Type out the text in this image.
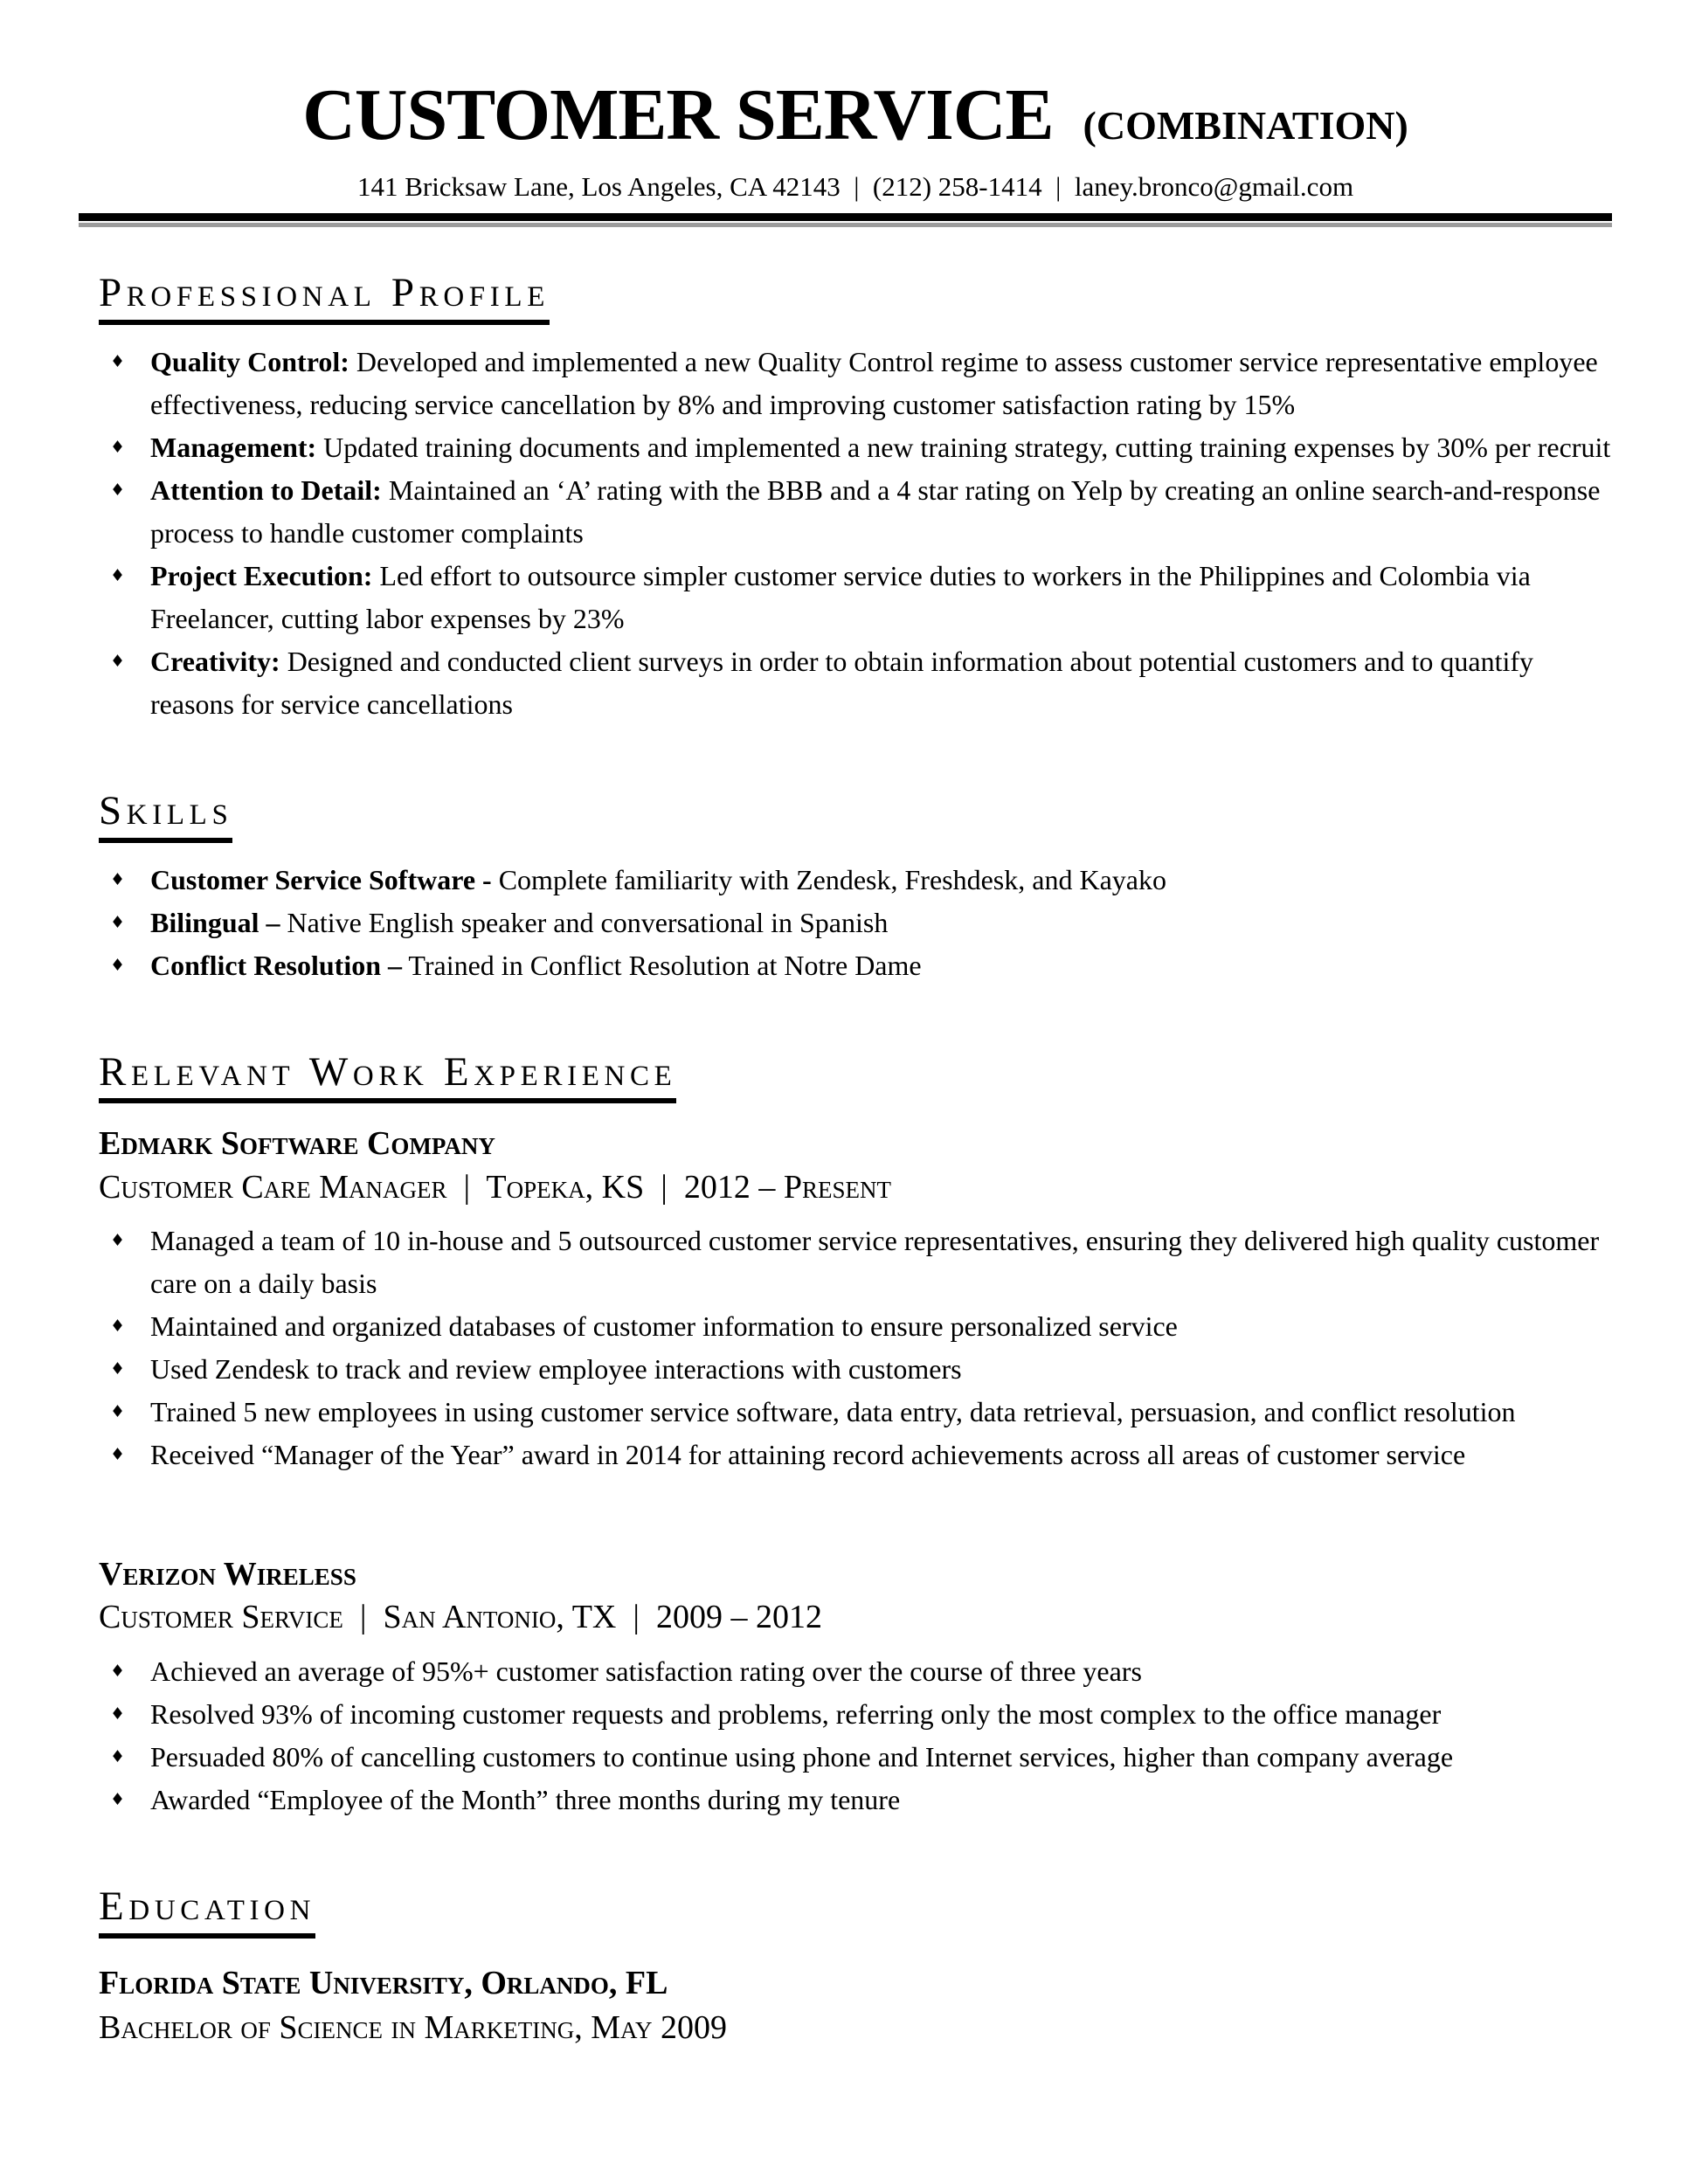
CUSTOMER SERVICE (COMBINATION)

141 Bricksaw Lane, Los Angeles, CA 42143  |  (212) 258-1414  |  laney.bronco@gmail.com

Professional Profile
♦ Quality Control: Developed and implemented a new Quality Control regime to assess customer service representative employee effectiveness, reducing service cancellation by 8% and improving customer satisfaction rating by 15%
♦ Management: Updated training documents and implemented a new training strategy, cutting training expenses by 30% per recruit
♦ Attention to Detail: Maintained an ‘A’ rating with the BBB and a 4 star rating on Yelp by creating an online search-and-response process to handle customer complaints
♦ Project Execution: Led effort to outsource simpler customer service duties to workers in the Philippines and Colombia via Freelancer, cutting labor expenses by 23%
♦ Creativity: Designed and conducted client surveys in order to obtain information about potential customers and to quantify reasons for service cancellations
Skills
♦ Customer Service Software - Complete familiarity with Zendesk, Freshdesk, and Kayako
♦ Bilingual – Native English speaker and conversational in Spanish
♦ Conflict Resolution – Trained in Conflict Resolution at Notre Dame
Relevant Work Experience
Edmark Software Company
Customer Care Manager  |  Topeka, KS  |  2012 – Present
♦ Managed a team of 10 in-house and 5 outsourced customer service representatives, ensuring they delivered high quality customer care on a daily basis
♦ Maintained and organized databases of customer information to ensure personalized service
♦ Used Zendesk to track and review employee interactions with customers
♦ Trained 5 new employees in using customer service software, data entry, data retrieval, persuasion, and conflict resolution
♦ Received “Manager of the Year” award in 2014 for attaining record achievements across all areas of customer service
Verizon Wireless
Customer Service  |  San Antonio, TX  |  2009 – 2012
♦ Achieved an average of 95%+ customer satisfaction rating over the course of three years
♦ Resolved 93% of incoming customer requests and problems, referring only the most complex to the office manager
♦ Persuaded 80% of cancelling customers to continue using phone and Internet services, higher than company average
♦ Awarded “Employee of the Month” three months during my tenure
Education
Florida State University, Orlando, FL
Bachelor of Science in Marketing, May 2009
